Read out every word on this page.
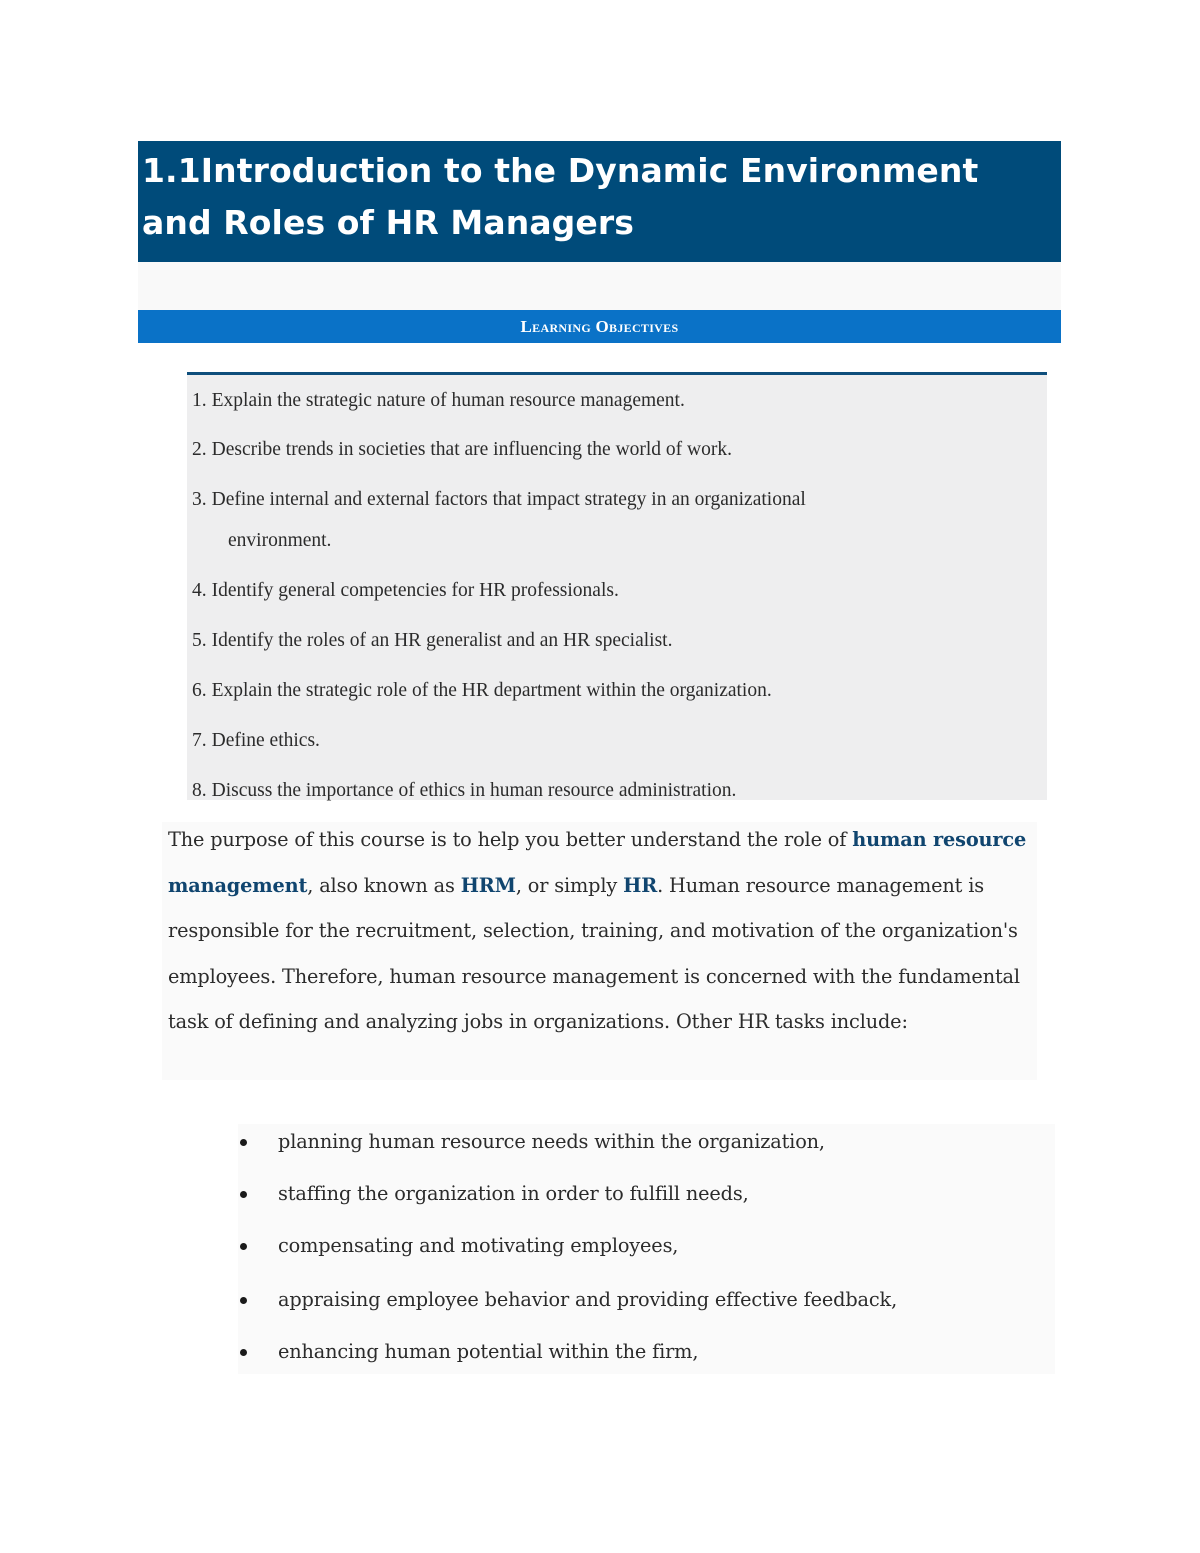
1.1Introduction to the Dynamic Environment and Roles of HR Managers
Learning Objectives
1. Explain the strategic nature of human resource management.
2. Describe trends in societies that are influencing the world of work.
3. Define internal and external factors that impact strategy in an organizational
environment.
4. Identify general competencies for HR professionals.
5. Identify the roles of an HR generalist and an HR specialist.
6. Explain the strategic role of the HR department within the organization.
7. Define ethics.
8. Discuss the importance of ethics in human resource administration.

The purpose of this course is to help you better understand the role of human resource management, also known as HRM, or simply HR. Human resource management is responsible for the recruitment, selection, training, and motivation of the organization's employees. Therefore, human resource management is concerned with the fundamental task of defining and analyzing jobs in organizations. Other HR tasks include:

planning human resource needs within the organization,
staffing the organization in order to fulfill needs,
compensating and motivating employees,
appraising employee behavior and providing effective feedback,
enhancing human potential within the firm,
